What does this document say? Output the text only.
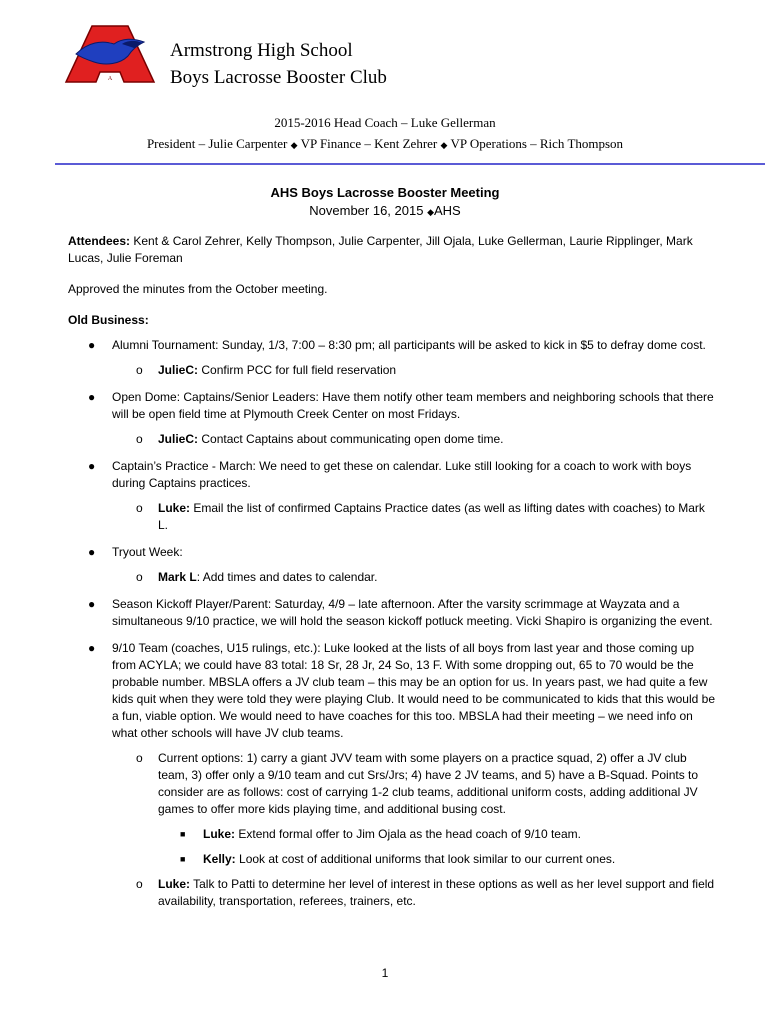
A
Armstrong High School
Boys Lacrosse Booster Club
2015-2016 Head Coach – Luke Gellerman
President – Julie Carpenter ◆ VP Finance – Kent Zehrer ◆ VP Operations – Rich Thompson
AHS Boys Lacrosse Booster Meeting
November 16, 2015 ◆AHS
Attendees: Kent & Carol Zehrer, Kelly Thompson, Julie Carpenter, Jill Ojala, Luke Gellerman, Laurie Ripplinger, Mark Lucas, Julie Foreman
Approved the minutes from the October meeting.
Old Business:
● Alumni Tournament: Sunday, 1/3, 7:00 – 8:30 pm; all participants will be asked to kick in $5 to defray dome cost.
o JulieC: Confirm PCC for full field reservation
● Open Dome: Captains/Senior Leaders: Have them notify other team members and neighboring schools that there will be open field time at Plymouth Creek Center on most Fridays.
o JulieC: Contact Captains about communicating open dome time.
● Captain’s Practice - March: We need to get these on calendar. Luke still looking for a coach to work with boys during Captains practices.
o Luke: Email the list of confirmed Captains Practice dates (as well as lifting dates with coaches) to Mark L.
● Tryout Week:
o Mark L: Add times and dates to calendar.
● Season Kickoff Player/Parent: Saturday, 4/9 – late afternoon. After the varsity scrimmage at Wayzata and a simultaneous 9/10 practice, we will hold the season kickoff potluck meeting. Vicki Shapiro is organizing the event.
● 9/10 Team (coaches, U15 rulings, etc.): Luke looked at the lists of all boys from last year and those coming up from ACYLA; we could have 83 total: 18 Sr, 28 Jr, 24 So, 13 F. With some dropping out, 65 to 70 would be the probable number. MBSLA offers a JV club team – this may be an option for us. In years past, we had quite a few kids quit when they were told they were playing Club. It would need to be communicated to kids that this would be a fun, viable option. We would need to have coaches for this too. MBSLA had their meeting – we need info on what other schools will have JV club teams.
o Current options: 1) carry a giant JVV team with some players on a practice squad, 2) offer a JV club team, 3) offer only a 9/10 team and cut Srs/Jrs; 4) have 2 JV teams, and 5) have a B-Squad. Points to consider are as follows: cost of carrying 1-2 club teams, additional uniform costs, adding additional JV games to offer more kids playing time, and additional busing cost.
■ Luke: Extend formal offer to Jim Ojala as the head coach of 9/10 team.
■ Kelly: Look at cost of additional uniforms that look similar to our current ones.
o Luke: Talk to Patti to determine her level of interest in these options as well as her level support and field availability, transportation, referees, trainers, etc.
1
